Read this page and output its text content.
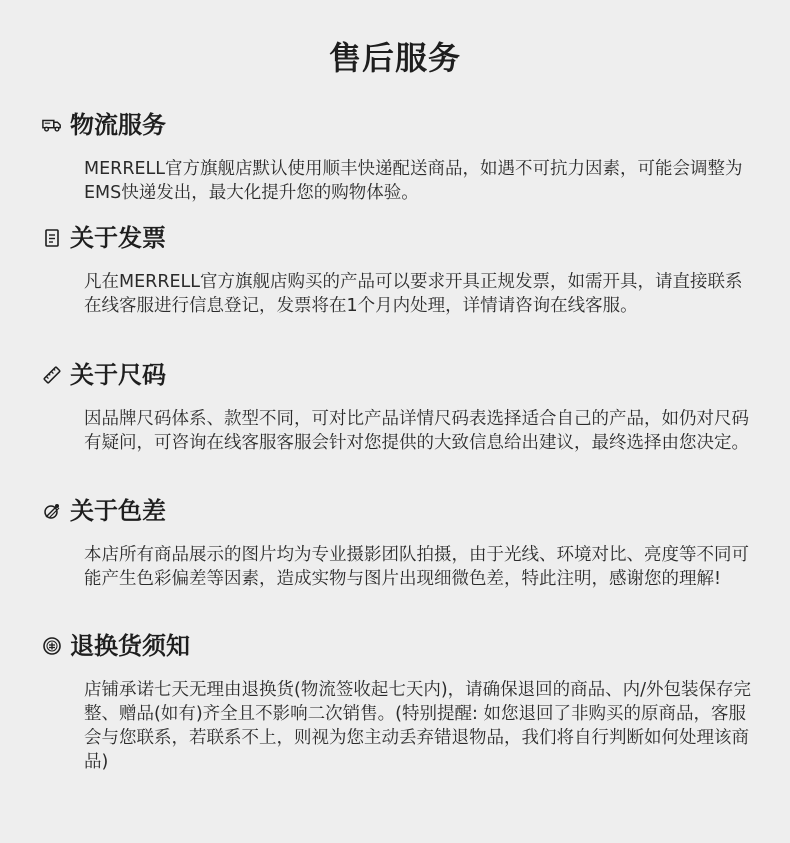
售后服务
物流服务
MERRELL官方旗舰店默认使用顺丰快递配送商品，如遇不可抗力因素，可能会调整为EMS快递发出，最大化提升您的购物体验。
关于发票
凡在MERRELL官方旗舰店购买的产品可以要求开具正规发票，如需开具，请直接联系在线客服进行信息登记，发票将在1个月内处理，详情请咨询在线客服。
关于尺码
因品牌尺码体系、款型不同，可对比产品详情尺码表选择适合自己的产品，如仍对尺码有疑问，可咨询在线客服客服会针对您提供的大致信息给出建议，最终选择由您决定。
关于色差
本店所有商品展示的图片均为专业摄影团队拍摄，由于光线、环境对比、亮度等不同可能产生色彩偏差等因素，造成实物与图片出现细微色差，特此注明，感谢您的理解!
退换货须知
店铺承诺七天无理由退换货(物流签收起七天内)，请确保退回的商品、内/外包装保存完整、赠品(如有)齐全且不影响二次销售。(特别提醒: 如您退回了非购买的原商品，客服会与您联系，若联系不上，则视为您主动丢弃错退物品，我们将自行判断如何处理该商品)
